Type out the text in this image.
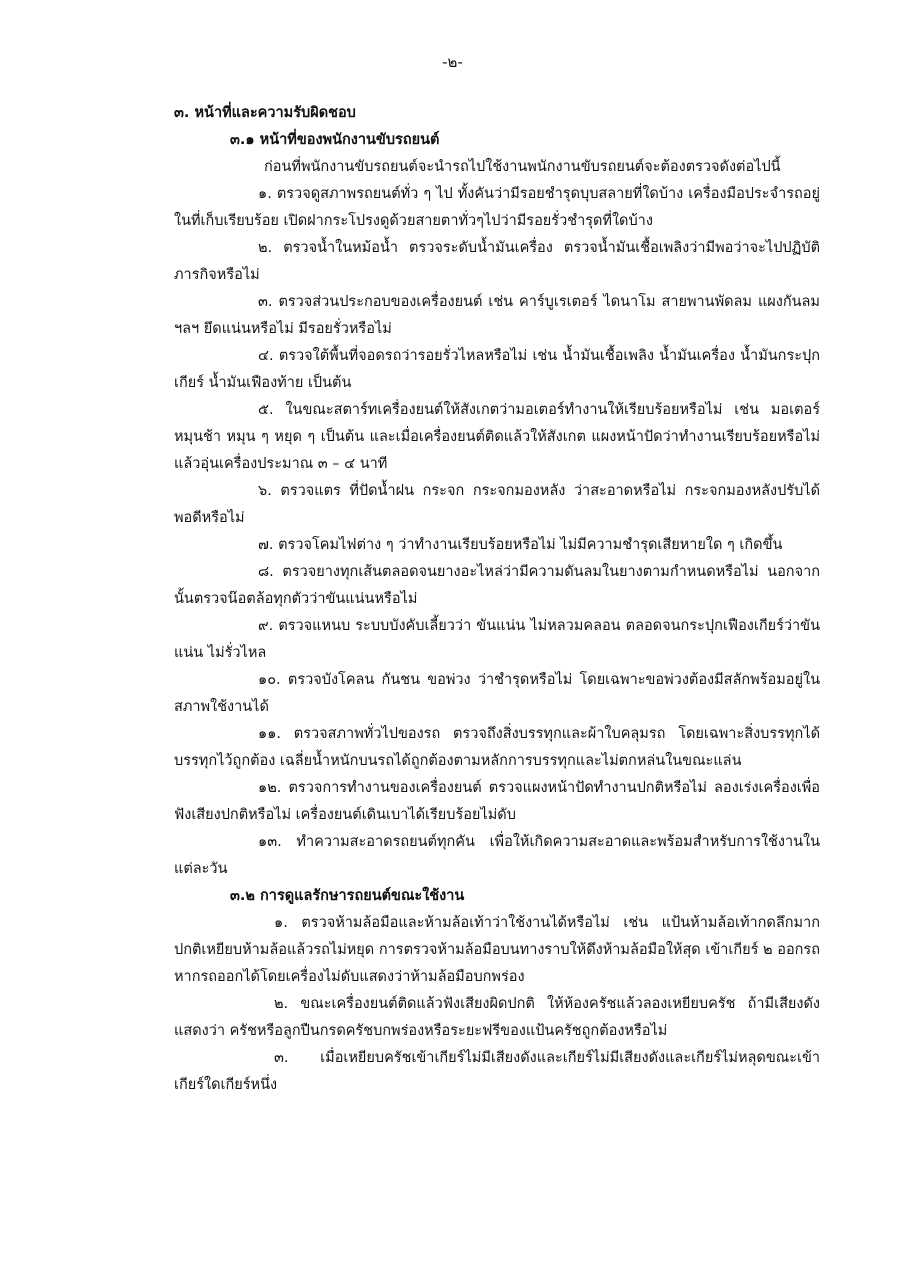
-๒-

๓. หน้าที่และความรับผิดชอบ

๓.๑ หน้าที่ของพนักงานขับรถยนต์

ก่อนที่พนักงานขับรถยนต์จะนำรถไปใช้งานพนักงานขับรถยนต์จะต้องตรวจดังต่อไปนี้

๑. ตรวจดูสภาพรถยนต์ทั่ว ๆ ไป ทั้งคันว่ามีรอยชำรุดบุบสลายที่ใดบ้าง เครื่องมือประจำรถอยู่ในที่เก็บเรียบร้อย เปิดฝากระโปรงดูด้วยสายตาทั่วๆไปว่ามีรอยรั่วชำรุดที่ใดบ้าง

๒. ตรวจน้ำในหม้อน้ำ ตรวจระดับน้ำมันเครื่อง ตรวจน้ำมันเชื้อเพลิงว่ามีพอว่าจะไปปฏิบัติภารกิจหรือไม่

๓. ตรวจส่วนประกอบของเครื่องยนต์ เช่น คาร์บูเรเตอร์ ไดนาโม สายพานพัดลม แผงกันลม ฯลฯ ยึดแน่นหรือไม่ มีรอยรั่วหรือไม่

๔. ตรวจใต้พื้นที่จอดรถว่ารอยรั่วไหลหรือไม่ เช่น น้ำมันเชื้อเพลิง น้ำมันเครื่อง น้ำมันกระปุกเกียร์ น้ำมันเฟืองท้าย เป็นต้น

๕. ในขณะสตาร์ทเครื่องยนต์ให้สังเกตว่ามอเตอร์ทำงานให้เรียบร้อยหรือไม่ เช่น มอเตอร์หมุนช้า หมุน ๆ หยุด ๆ เป็นต้น และเมื่อเครื่องยนต์ติดแล้วให้สังเกต แผงหน้าปัดว่าทำงานเรียบร้อยหรือไม่ แล้วอุ่นเครื่องประมาณ ๓ – ๔ นาที

๖. ตรวจแตร ที่ปัดน้ำฝน กระจก กระจกมองหลัง ว่าสะอาดหรือไม่ กระจกมองหลังปรับได้พอดีหรือไม่

๗. ตรวจโคมไฟต่าง ๆ ว่าทำงานเรียบร้อยหรือไม่ ไม่มีความชำรุดเสียหายใด ๆ เกิดขึ้น

๘. ตรวจยางทุกเส้นตลอดจนยางอะไหล่ว่ามีความดันลมในยางตามกำหนดหรือไม่ นอกจากนั้นตรวจน๊อตล้อทุกตัวว่าขันแน่นหรือไม่

๙. ตรวจแหนบ ระบบบังคับเลี้ยวว่า ขันแน่น ไม่หลวมคลอน ตลอดจนกระปุกเฟืองเกียร์ว่าขันแน่น ไม่รั่วไหล

๑๐. ตรวจบังโคลน กันชน ขอพ่วง ว่าชำรุดหรือไม่ โดยเฉพาะขอพ่วงต้องมีสลักพร้อมอยู่ในสภาพใช้งานได้

๑๑. ตรวจสภาพทั่วไปของรถ ตรวจถึงสิ่งบรรทุกและผ้าใบคลุมรถ โดยเฉพาะสิ่งบรรทุกได้บรรทุกไว้ถูกต้อง เฉลี่ยน้ำหนักบนรถได้ถูกต้องตามหลักการบรรทุกและไม่ตกหล่นในขณะแล่น

๑๒. ตรวจการทำงานของเครื่องยนต์ ตรวจแผงหน้าปัดทำงานปกติหรือไม่ ลองเร่งเครื่องเพื่อฟังเสียงปกติหรือไม่ เครื่องยนต์เดินเบาได้เรียบร้อยไม่ดับ

๑๓. ทำความสะอาดรถยนต์ทุกคัน เพื่อให้เกิดความสะอาดและพร้อมสำหรับการใช้งานในแต่ละวัน

๓.๒ การดูแลรักษารถยนต์ขณะใช้งาน

๑. ตรวจห้ามล้อมือและห้ามล้อเท้าว่าใช้งานได้หรือไม่ เช่น แป้นห้ามล้อเท้ากดลึกมากปกติเหยียบห้ามล้อแล้วรถไม่หยุด การตรวจห้ามล้อมือบนทางราบให้ดึงห้ามล้อมือให้สุด เข้าเกียร์ ๒ ออกรถ หากรถออกได้โดยเครื่องไม่ดับแสดงว่าห้ามล้อมือบกพร่อง

๒. ขณะเครื่องยนต์ติดแล้วฟังเสียงผิดปกติ ให้ห้องครัชแล้วลองเหยียบครัช ถ้ามีเสียงดังแสดงว่า ครัชหรือลูกปืนกรดครัชบกพร่องหรือระยะฟรีของแป้นครัชถูกต้องหรือไม่

๓. เมื่อเหยียบครัชเข้าเกียร์ไม่มีเสียงดังและเกียร์ไม่มีเสียงดังและเกียร์ไม่หลุดขณะเข้าเกียร์ใดเกียร์หนึ่ง
